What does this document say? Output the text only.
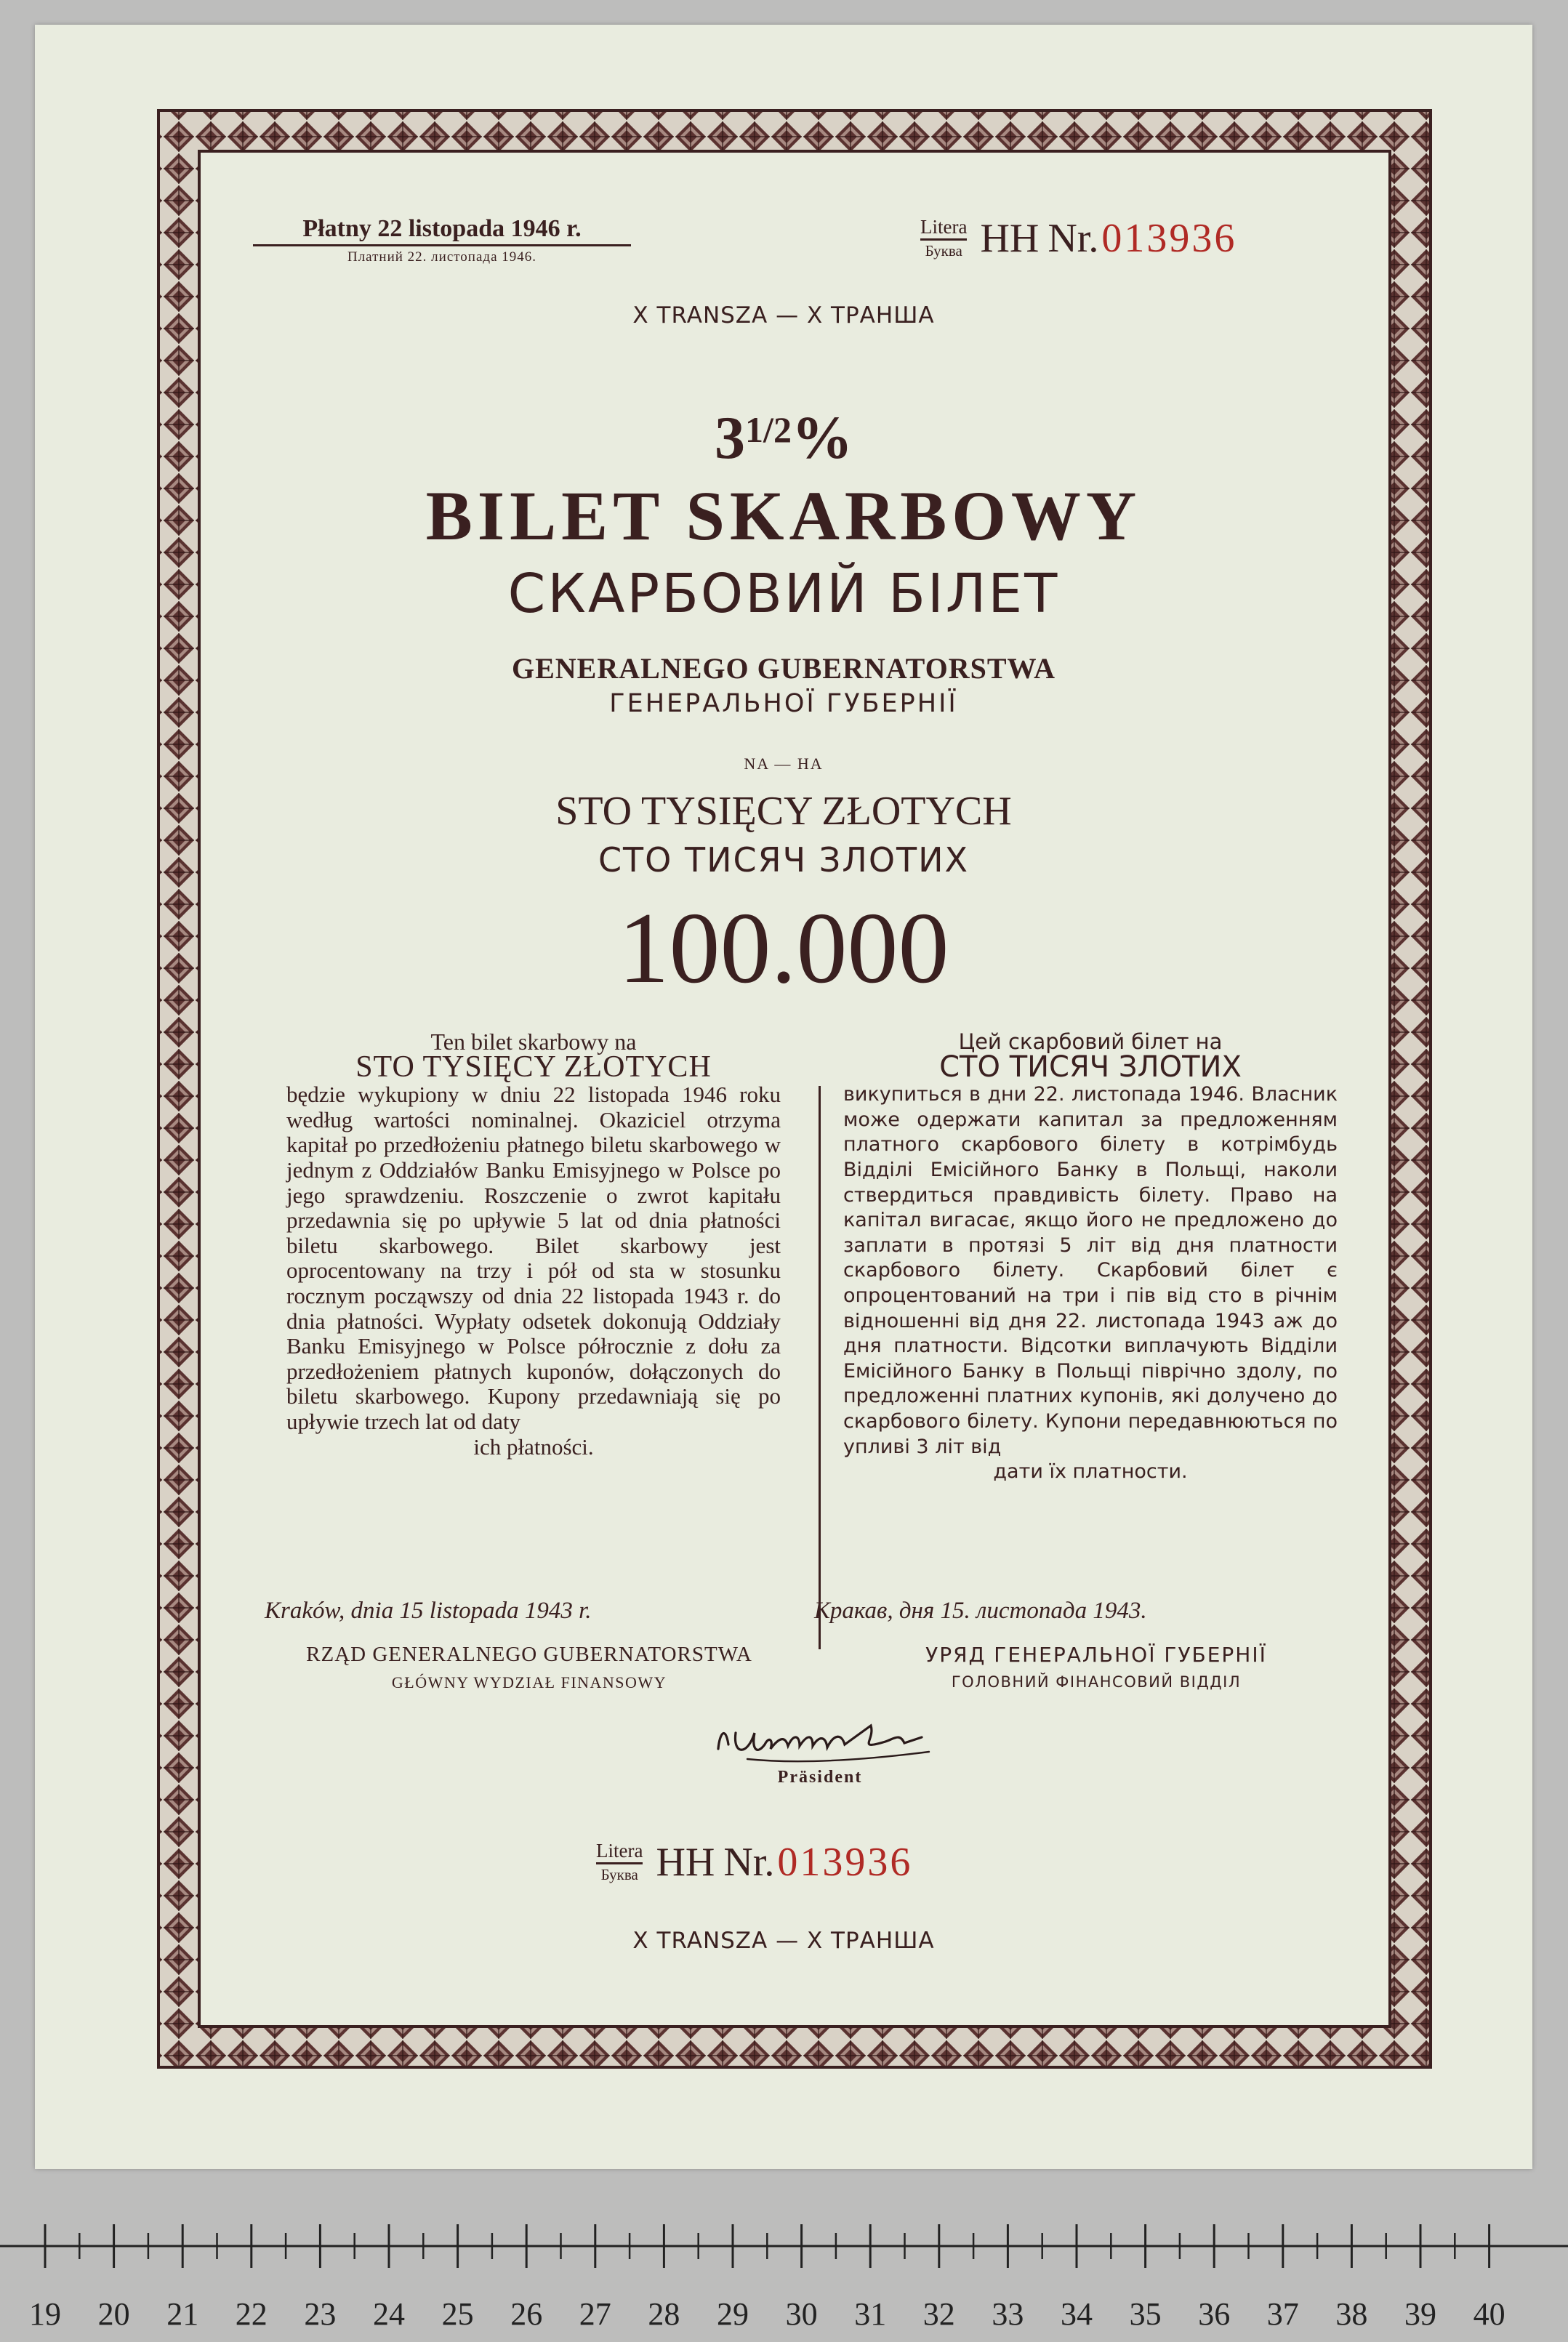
Płatny 22 listopada 1946 r.
Платний 22. листопада 1946.
Litera
Буква HH Nr. 013936
X TRANSZA — X ТРАНША
$3^{1/2}\%$
BILET SKARBOWY
СКАРБОВИЙ БІЛЕТ
GENERALNEGO GUBERNATORSTWA
ГЕНЕРАЛЬНОЇ ГУБЕРНІЇ
NA — HA
STO TYSIĘCY ZŁOTYCH
СТО ТИСЯЧ ЗЛОТИХ
100.000
Ten bilet skarbowy na
STO TYSIĘCY ZŁOTYCH

będzie wykupiony w dniu 22 listopada 1946 roku według wartości nominalnej. Okaziciel otrzyma kapitał po przedłożeniu płatnego biletu skarbowego w jednym z Oddziałów Banku Emisyjnego w Polsce po jego sprawdzeniu. Roszczenie o zwrot kapitału przedawnia się po upływie 5 lat od dnia płatności biletu skarbowego. Bilet skarbowy jest oprocentowany na trzy i pół od sta w stosunku rocznym począwszy od dnia 22 listopada 1943 r. do dnia płatności. Wypłaty odsetek dokonują Oddziały Banku Emisyjnego w Polsce półrocznie z dołu za przedłożeniem płatnych kuponów, dołączonych do biletu skarbowego. Kupony przedawniają się po upływie trzech lat od daty

ich płatności.
Цей скарбовий білет на
СТО ТИСЯЧ ЗЛОТИХ

викупиться в дни 22. листопада 1946. Власник може одержати капитал за предложенням платного скарбового білету в котрімбудь Відділі Емісійного Банку в Польщі, наколи ствердиться правдивість білету. Право на капітал вигасає, якщо його не предложено до заплати в протязі 5 літ від дня платности скарбового білету. Скарбовий білет є опроцентований на три і пів від сто в річнім відношенні від дня 22. листопада 1943 аж до дня платности. Відсотки виплачують Відділи Емісійного Банку в Польщі піврічно здолу, по предложенні платних купонів, які долучено до скарбового білету. Купони передавнюються по упливі 3 літ від

дати їх платности.
Kraków, dnia 15 listopada 1943 r.	Кракав, дня 15. листопада 1943.
RZĄD GENERALNEGO GUBERNATORSTWA
GŁÓWNY WYDZIAŁ FINANSOWY
УРЯД ГЕНЕРАЛЬНОЇ ГУБЕРНІЇ
ГОЛОВНИЙ ФІНАНСОВИЙ ВІДДІЛ
Präsident
Litera
Буква HH Nr. 013936
X TRANSZA — X ТРАНША
19	20	21	22	23	24	25	26	27	28	29	30	31	32	33	34	35	36	37	38	39	40
